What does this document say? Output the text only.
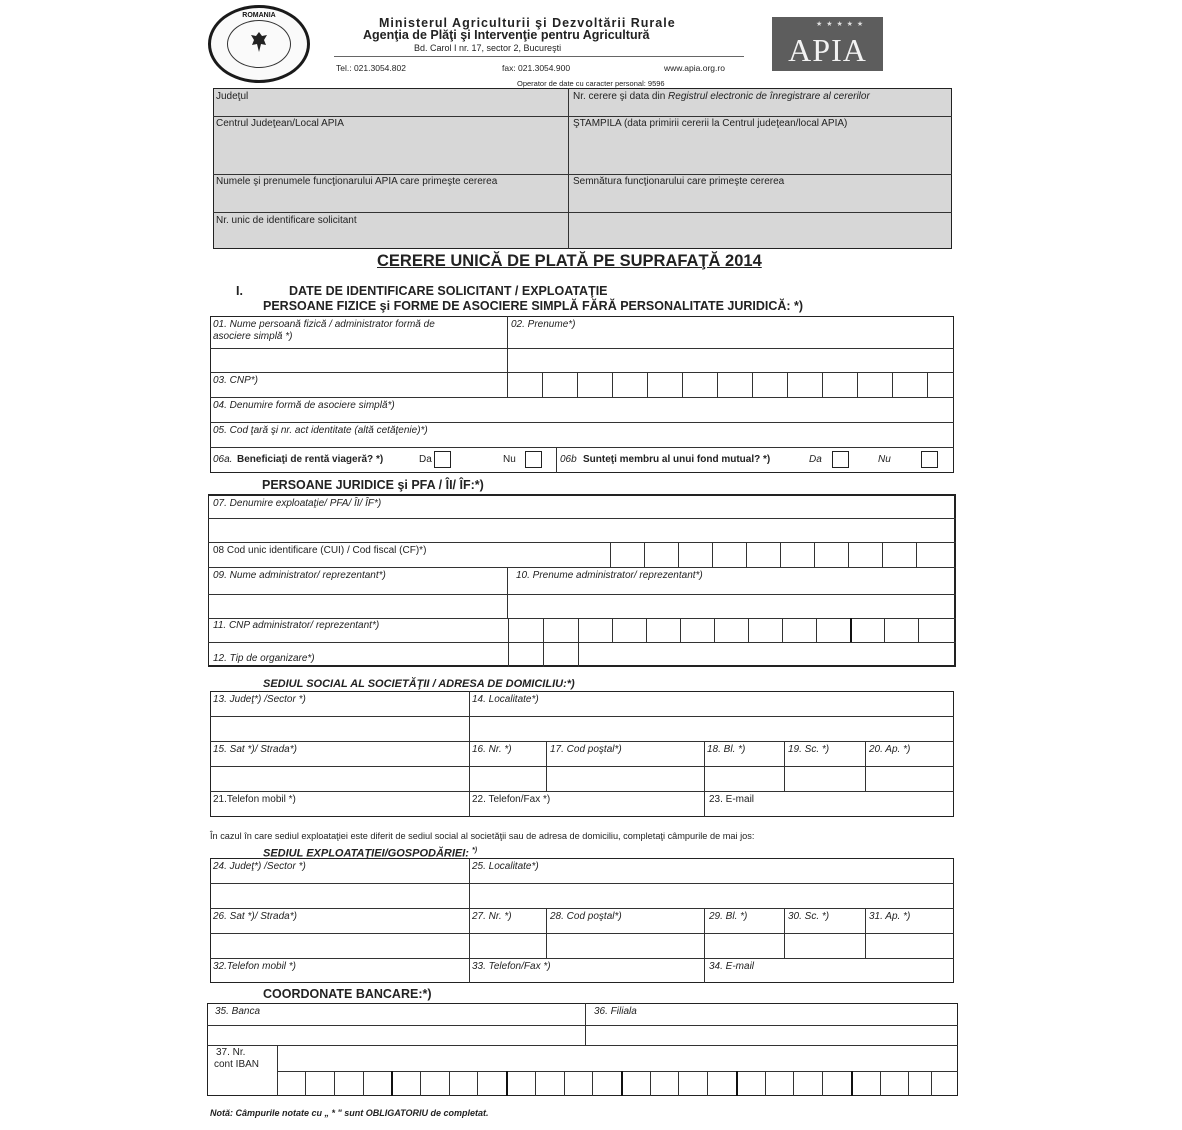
ROMANIA
Ministerul Agriculturii şi Dezvoltării Rurale
Agenţia de Plăţi şi Intervenţie pentru Agricultură
Bd. Carol I nr. 17, sector 2, Bucureşti
Tel.: 021.3054.802	fax: 021.3054.900	www.apia.org.ro
★ ★ ★ ★ ★
APIA
Operator de date cu caracter personal: 9596
Judeţul	Nr. cerere şi data din Registrul electronic de înregistrare al cererilor
Centrul Judeţean/Local APIA	ŞTAMPILA (data primirii cererii la Centrul judeţean/local APIA)
Numele şi prenumele funcţionarului APIA care primeşte cererea	Semnătura funcţionarului care primeşte cererea
Nr. unic de identificare solicitant
CERERE UNICĂ DE PLATĂ PE SUPRAFAŢĂ 2014
I.	DATE DE IDENTIFICARE SOLICITANT / EXPLOATAŢIE
PERSOANE FIZICE şi FORME DE ASOCIERE SIMPLĂ FĂRĂ PERSONALITATE JURIDICĂ: *)
01. Nume persoană fizică / administrator formă de
asociere simplă *)
02. Prenume*)
03. CNP*)
04. Denumire formă de asociere simplă*)
05. Cod ţară şi nr. act identitate (altă cetăţenie)*)
06a. Beneficiaţi de rentă viageră? *)	Da	Nu	06b Sunteţi membru al unui fond mutual? *)	Da	Nu
PERSOANE JURIDICE şi PFA / ÎI/ ÎF:*)
07. Denumire exploataţie/ PFA/ ÎI/ ÎF*)
08 Cod unic identificare (CUI) / Cod fiscal (CF)*)
09. Nume administrator/ reprezentant*)	10. Prenume administrator/ reprezentant*)
11. CNP administrator/ reprezentant*)
12. Tip de organizare*)
SEDIUL SOCIAL AL SOCIETĂŢII / ADRESA DE DOMICILIU:*)
13. Judeţ*) /Sector *)	14. Localitate*)
15. Sat *)/ Strada*)	16. Nr. *)	17. Cod poştal*)	18. Bl. *)	19. Sc. *)	20. Ap. *)
21.Telefon mobil *)	22. Telefon/Fax *)	23. E-mail
În cazul în care sediul exploataţiei este diferit de sediul social al societăţii sau de adresa de domiciliu, completaţi câmpurile de mai jos:
SEDIUL EXPLOATAŢIEI/GOSPODĂRIEI: *)
24. Judeţ*) /Sector *)	25. Localitate*)
26. Sat *)/ Strada*)	27. Nr. *)	28. Cod poştal*)	29. Bl. *)	30. Sc. *)	31. Ap. *)
32.Telefon mobil *)	33. Telefon/Fax *)	34. E-mail
COORDONATE BANCARE:*)
35. Banca	36. Filiala
37. Nr.
cont IBAN
Notă: Câmpurile notate cu „ * " sunt OBLIGATORIU de completat.
